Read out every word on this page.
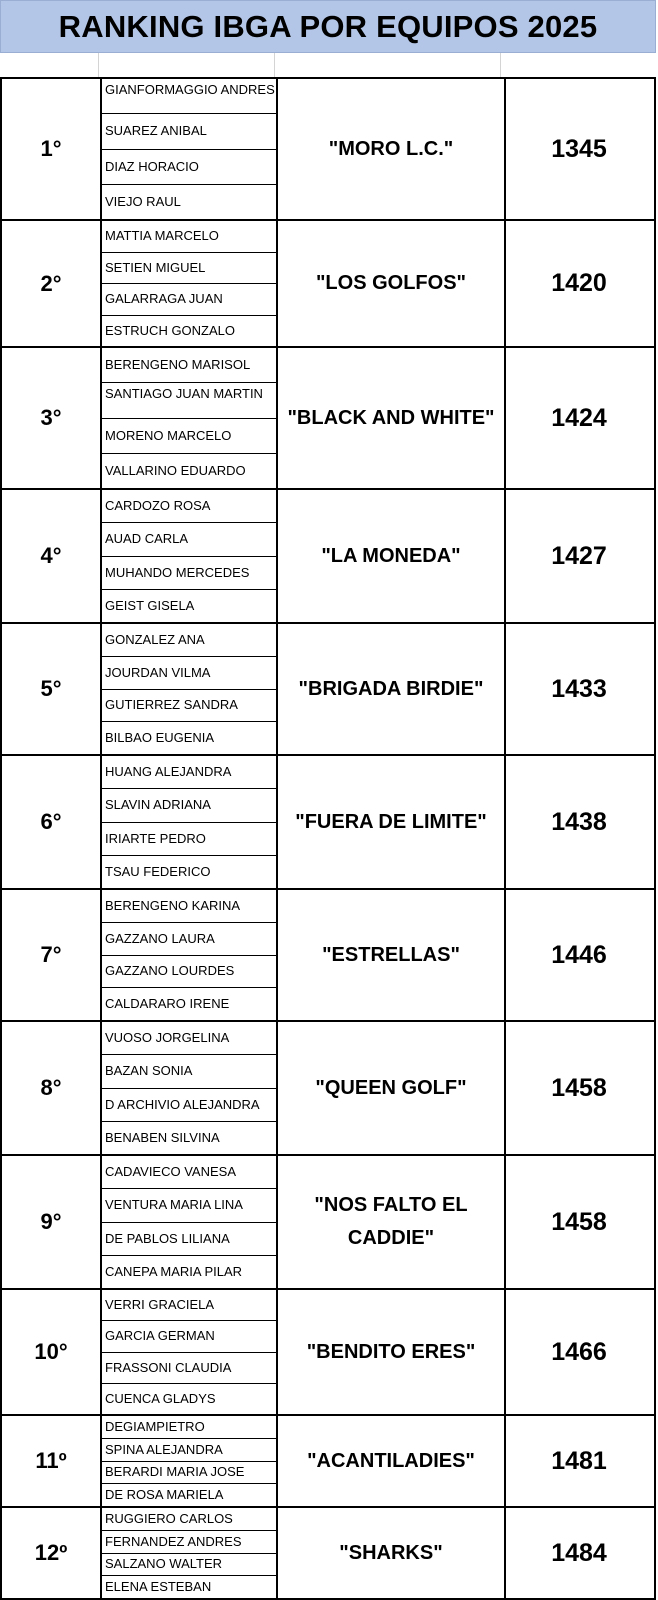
RANKING IBGA POR EQUIPOS 2025
1°
GIANFORMAGGIO ANDRES
SUAREZ ANIBAL
DIAZ HORACIO
VIEJO RAUL
"MORO L.C."	1345
2°
MATTIA MARCELO
SETIEN MIGUEL
GALARRAGA JUAN
ESTRUCH GONZALO
"LOS GOLFOS"	1420
3°
BERENGENO MARISOL
SANTIAGO JUAN MARTIN
MORENO MARCELO
VALLARINO EDUARDO
"BLACK AND WHITE"	1424
4°
CARDOZO ROSA
AUAD CARLA
MUHANDO MERCEDES
GEIST GISELA
"LA MONEDA"	1427
5°
GONZALEZ ANA
JOURDAN VILMA
GUTIERREZ SANDRA
BILBAO EUGENIA
"BRIGADA BIRDIE"	1433
6°
HUANG ALEJANDRA
SLAVIN ADRIANA
IRIARTE PEDRO
TSAU FEDERICO
"FUERA DE LIMITE"	1438
7°
BERENGENO KARINA
GAZZANO LAURA
GAZZANO LOURDES
CALDARARO IRENE
"ESTRELLAS"	1446
8°
VUOSO JORGELINA
BAZAN SONIA
D ARCHIVIO ALEJANDRA
BENABEN SILVINA
"QUEEN GOLF"	1458
9°
CADAVIECO VANESA
VENTURA MARIA LINA
DE PABLOS LILIANA
CANEPA MARIA PILAR
"NOS FALTO EL CADDIE"
1458
10°
VERRI GRACIELA
GARCIA GERMAN
FRASSONI CLAUDIA
CUENCA GLADYS
"BENDITO ERES"	1466
11º
DEGIAMPIETRO
SPINA ALEJANDRA
BERARDI MARIA JOSE
DE ROSA MARIELA
"ACANTILADIES"	1481
12º
RUGGIERO CARLOS
FERNANDEZ ANDRES
SALZANO WALTER
ELENA ESTEBAN
"SHARKS"	1484
